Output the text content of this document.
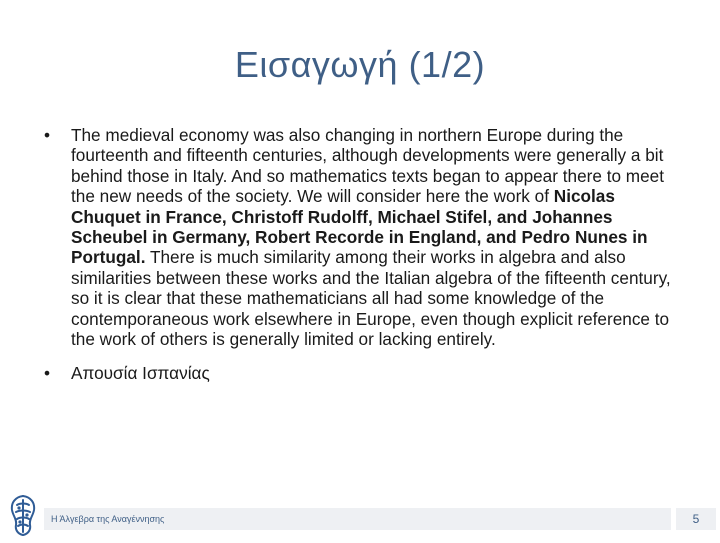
Εισαγωγή (1/2)
•	The medieval economy was also changing in northern Europe during the fourteenth and fifteenth centuries, although developments were generally a bit behind those in Italy. And so mathematics texts began to appear there to meet the new needs of the society. We will consider here the work of Nicolas Chuquet in France, Christoff Rudolff, Michael Stifel, and Johannes Scheubel in Germany, Robert Recorde in England, and Pedro Nunes in Portugal. There is much similarity among their works in algebra and also similarities between these works and the Italian algebra of the fifteenth century, so it is clear that these mathematicians all had some knowledge of the contemporaneous work elsewhere in Europe, even though explicit reference to the work of others is generally limited or lacking entirely.
•	Απουσία Ισπανίας
Η Άλγεβρα της Αναγέννησης	5
